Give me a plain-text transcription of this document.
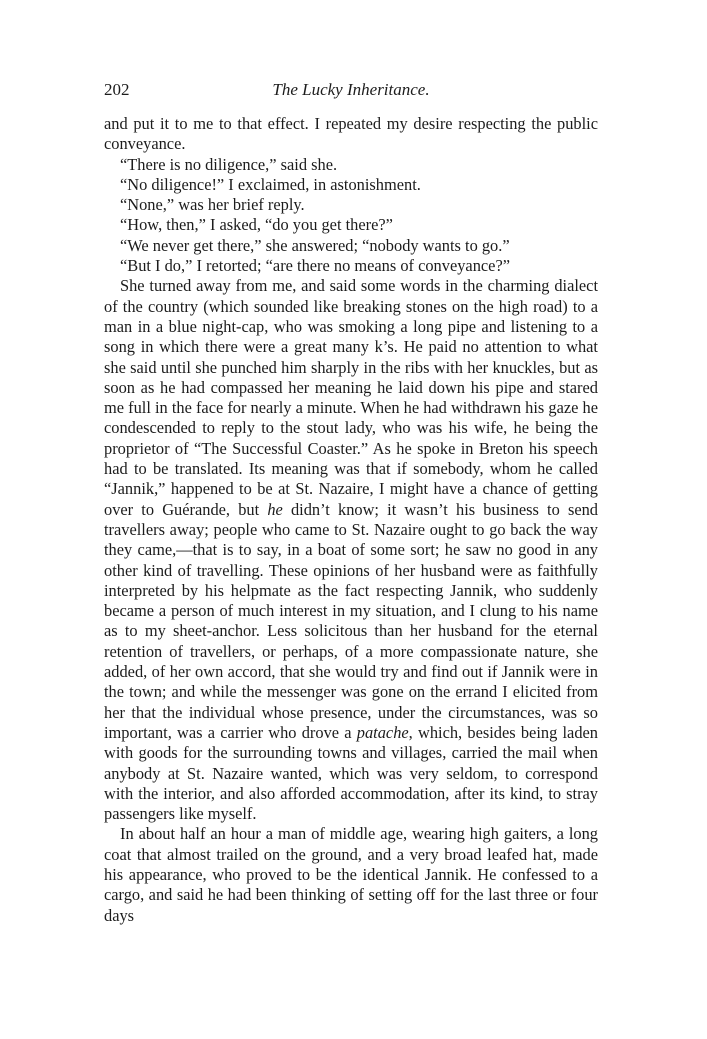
202	The Lucky Inheritance.

and put it to me to that effect. I repeated my desire respecting the public conveyance.

“There is no diligence,” said she.

“No diligence!” I exclaimed, in astonishment.

“None,” was her brief reply.

“How, then,” I asked, “do you get there?”

“We never get there,” she answered; “nobody wants to go.”

“But I do,” I retorted; “are there no means of conveyance?”

She turned away from me, and said some words in the charming dialect of the country (which sounded like breaking stones on the high road) to a man in a blue night-cap, who was smoking a long pipe and listening to a song in which there were a great many k’s. He paid no attention to what she said until she punched him sharply in the ribs with her knuckles, but as soon as he had compassed her meaning he laid down his pipe and stared me full in the face for nearly a minute. When he had withdrawn his gaze he condescended to reply to the stout lady, who was his wife, he being the proprietor of “The Successful Coaster.” As he spoke in Breton his speech had to be translated. Its meaning was that if somebody, whom he called “Jannik,” happened to be at St. Nazaire, I might have a chance of getting over to Guérande, but he didn’t know; it wasn’t his business to send travellers away; people who came to St. Nazaire ought to go back the way they came,—that is to say, in a boat of some sort; he saw no good in any other kind of travelling. These opinions of her husband were as faithfully interpreted by his helpmate as the fact respecting Jannik, who suddenly became a person of much interest in my situation, and I clung to his name as to my sheet-anchor. Less solicitous than her husband for the eternal retention of travellers, or perhaps, of a more compassionate nature, she added, of her own accord, that she would try and find out if Jannik were in the town; and while the messenger was gone on the errand I elicited from her that the individual whose presence, under the circumstances, was so important, was a carrier who drove a patache, which, besides being laden with goods for the surrounding towns and villages, carried the mail when anybody at St. Nazaire wanted, which was very seldom, to correspond with the interior, and also afforded accommodation, after its kind, to stray passengers like myself.

In about half an hour a man of middle age, wearing high gaiters, a long coat that almost trailed on the ground, and a very broad leafed hat, made his appearance, who proved to be the identical Jannik. He confessed to a cargo, and said he had been thinking of setting off for the last three or four days
